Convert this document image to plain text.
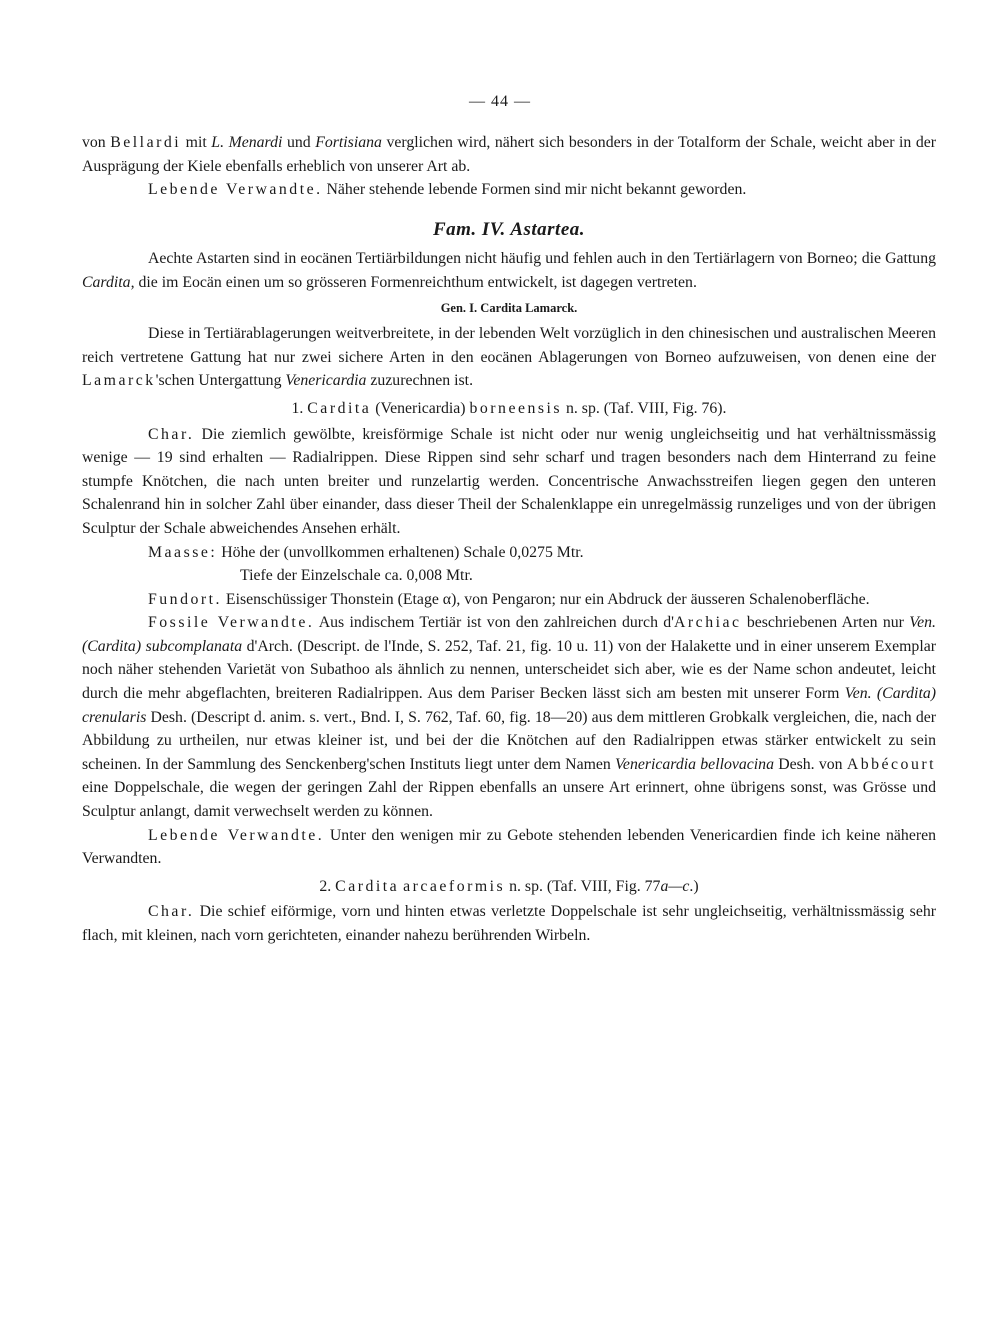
— 44 —

von Bellardi mit L. Menardi und Fortisiana verglichen wird, nähert sich besonders in der Totalform der Schale, weicht aber in der Ausprägung der Kiele ebenfalls erheblich von unserer Art ab.

Lebende Verwandte. Näher stehende lebende Formen sind mir nicht bekannt geworden.

Fam. IV. Astartea.

Aechte Astarten sind in eocänen Tertiärbildungen nicht häufig und fehlen auch in den Tertiärlagern von Borneo; die Gattung Cardita, die im Eocän einen um so grösseren Formenreichthum entwickelt, ist dagegen vertreten.

Gen. I. Cardita Lamarck.

Diese in Tertiärablagerungen weitverbreitete, in der lebenden Welt vorzüglich in den chinesischen und australischen Meeren reich vertretene Gattung hat nur zwei sichere Arten in den eocänen Ablagerungen von Borneo aufzuweisen, von denen eine der Lamarck'schen Untergattung Venericardia zuzurechnen ist.

1. Cardita (Venericardia) borneensis n. sp. (Taf. VIII, Fig. 76).

Char. Die ziemlich gewölbte, kreisförmige Schale ist nicht oder nur wenig ungleichseitig und hat verhältnissmässig wenige — 19 sind erhalten — Radialrippen. Diese Rippen sind sehr scharf und tragen besonders nach dem Hinterrand zu feine stumpfe Knötchen, die nach unten breiter und runzelartig werden. Concentrische Anwachsstreifen liegen gegen den unteren Schalenrand hin in solcher Zahl über einander, dass dieser Theil der Schalenklappe ein unregelmässig runzeliges und von der übrigen Sculptur der Schale abweichendes Ansehen erhält.

Maasse: Höhe der (unvollkommen erhaltenen) Schale 0,0275 Mtr.

Tiefe der Einzelschale ca. 0,008 Mtr.

Fundort. Eisenschüssiger Thonstein (Etage α), von Pengaron; nur ein Abdruck der äusseren Schalenoberfläche.

Fossile Verwandte. Aus indischem Tertiär ist von den zahlreichen durch d'Archiac beschriebenen Arten nur Ven. (Cardita) subcomplanata d'Arch. (Descript. de l'Inde, S. 252, Taf. 21, fig. 10 u. 11) von der Halakette und in einer unserem Exemplar noch näher stehenden Varietät von Subathoo als ähnlich zu nennen, unterscheidet sich aber, wie es der Name schon andeutet, leicht durch die mehr abgeflachten, breiteren Radialrippen. Aus dem Pariser Becken lässt sich am besten mit unserer Form Ven. (Cardita) crenularis Desh. (Descript d. anim. s. vert., Bnd. I, S. 762, Taf. 60, fig. 18—20) aus dem mittleren Grobkalk vergleichen, die, nach der Abbildung zu urtheilen, nur etwas kleiner ist, und bei der die Knötchen auf den Radialrippen etwas stärker entwickelt zu sein scheinen. In der Sammlung des Senckenberg'schen Instituts liegt unter dem Namen Venericardia bellovacina Desh. von Abbécourt eine Doppelschale, die wegen der geringen Zahl der Rippen ebenfalls an unsere Art erinnert, ohne übrigens sonst, was Grösse und Sculptur anlangt, damit verwechselt werden zu können.

Lebende Verwandte. Unter den wenigen mir zu Gebote stehenden lebenden Venericardien finde ich keine näheren Verwandten.

2. Cardita arcaeformis n. sp. (Taf. VIII, Fig. 77a—c.)

Char. Die schief eiförmige, vorn und hinten etwas verletzte Doppelschale ist sehr ungleichseitig, verhältnissmässig sehr flach, mit kleinen, nach vorn gerichteten, einander nahezu berührenden Wirbeln.
